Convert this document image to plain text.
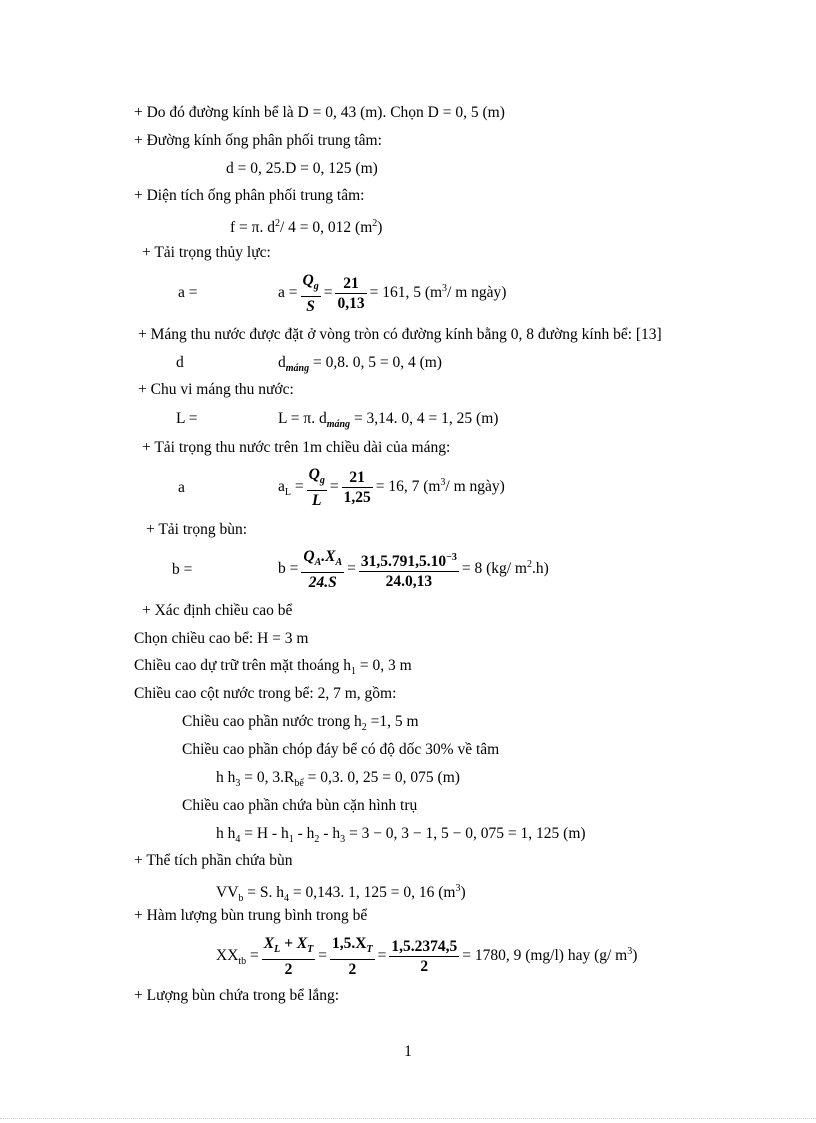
+ Do đó đường kính bể là D = 0, 43 (m). Chọn D = 0, 5 (m)
+ Đường kính ống phân phối trung tâm:
d = 0, 25.D = 0, 125 (m)
+ Diện tích ống phân phối trung tâm:
f = π. $d^2/$ 4 = 0, 012 $(m^2)$
+ Tải trọng thủy lực:
a =	$a = \frac{Q_g}{S} = \frac{21}{0,13} = 161$, 5 ($m^3/$ m ngày)
+ Máng thu nước được đặt ở vòng tròn có đường kính bằng 0, 8 đường kính bể: [13]
d	$d_{máng} = 0,8$. 0, 5 = 0, 4 (m)
+ Chu vi máng thu nước:
L =	L = π. $d_{máng} = 3,14$. 0, 4 = 1, 25 (m)
+ Tải trọng thu nước trên 1m chiều dài của máng:
a	$a_L = \frac{Q_g}{L} = \frac{21}{1,25} = 16$, 7 ($m^3/$ m ngày)
+ Tải trọng bùn:
b =	$b = \frac{Q_A.X_A}{24.S} = \frac{31,5.791,5.10^{-3}}{24.0,13} = 8$ (kg/ $m^2.h$)
+ Xác định chiều cao bể
Chọn chiều cao bể: H = 3 m
Chiều cao dự trữ trên mặt thoáng $h_1 = 0$, 3 m
Chiều cao cột nước trong bể: 2, 7 m, gồm:
Chiều cao phần nước trong $h_2 =1$, 5 m
Chiều cao phần chóp đáy bể có độ dốc 30% về tâm
h $h_3 = 0$, $3.R_{bể} = 0,3$. 0, 25 = 0, 075 (m)
Chiều cao phần chứa bùn cặn hình trụ
h $h_4 = H - h_1 - h_2 - h_3 = 3 - 0$, 3 − 1, 5 − 0, 075 = 1, 125 (m)
+ Thể tích phần chứa bùn
$VV_b = S$. $h_4 = 0,143$. 1, 125 = 0, 16 $(m^3)$
+ Hàm lượng bùn trung bình trong bể
$XX_{tb} = \frac{X_L + X_T}{2} = \frac{1,5.X_T}{2} = \frac{1,5.2374,5}{2} = 1780$, 9 (mg/l) hay (g/ $m^3$)
+ Lượng bùn chứa trong bể lắng:
1
